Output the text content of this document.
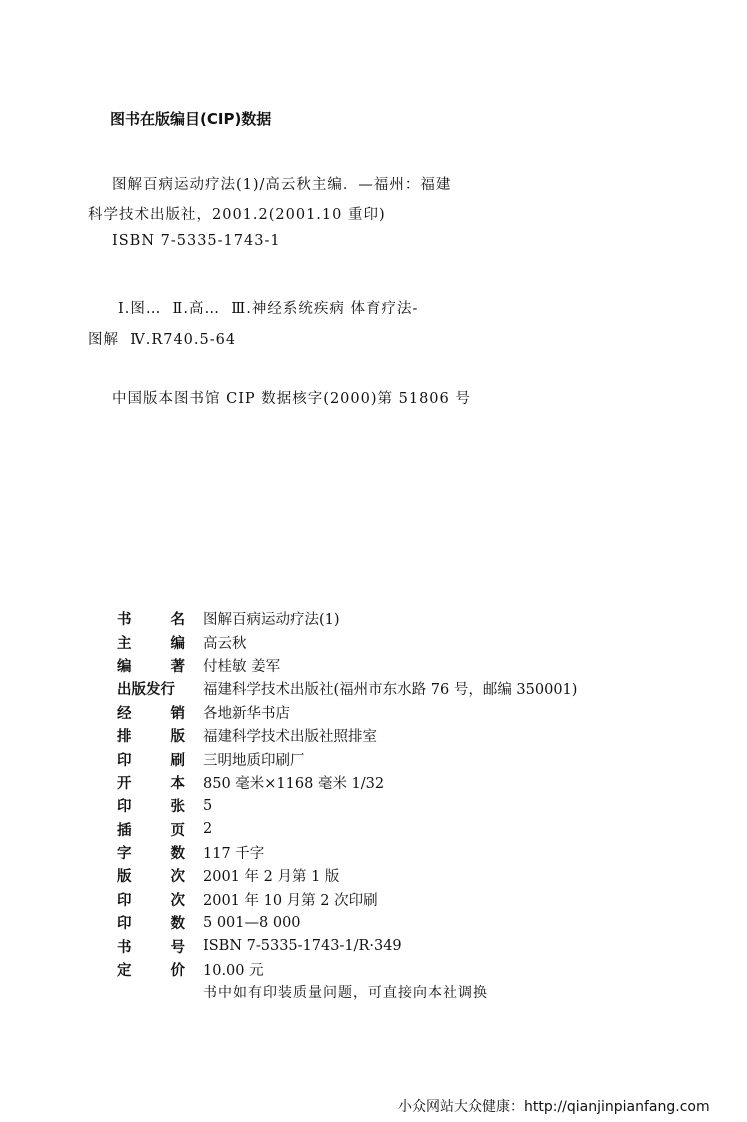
图书在版编目(CIP)数据
图解百病运动疗法(1)/高云秋主编．—福州：福建
科学技术出版社，2001.2(2001.10 重印)
ISBN 7-5335-1743-1
Ⅰ.图…  Ⅱ.高…  Ⅲ.神经系统疾病 体育疗法-
图解  Ⅳ.R740.5-64
中国版本图书馆 CIP 数据核字(2000)第 51806 号
书	名 图解百病运动疗法(1)
主	编 高云秋
编	著 付桂敏 姜军
出版发行 福建科学技术出版社(福州市东水路 76 号，邮编 350001)
经	销 各地新华书店
排	版 福建科学技术出版社照排室
印	刷 三明地质印刷厂
开	本 850 毫米×1168 毫米 1/32
印	张 5
插	页 2
字	数 117 千字
版	次 2001 年 2 月第 1 版
印	次 2001 年 10 月第 2 次印刷
印	数 5 001—8 000
书	号 ISBN 7-5335-1743-1/R·349
定	价 10.00 元
书中如有印装质量问题，可直接向本社调换
小众网站大众健康：http://qianjinpianfang.com
